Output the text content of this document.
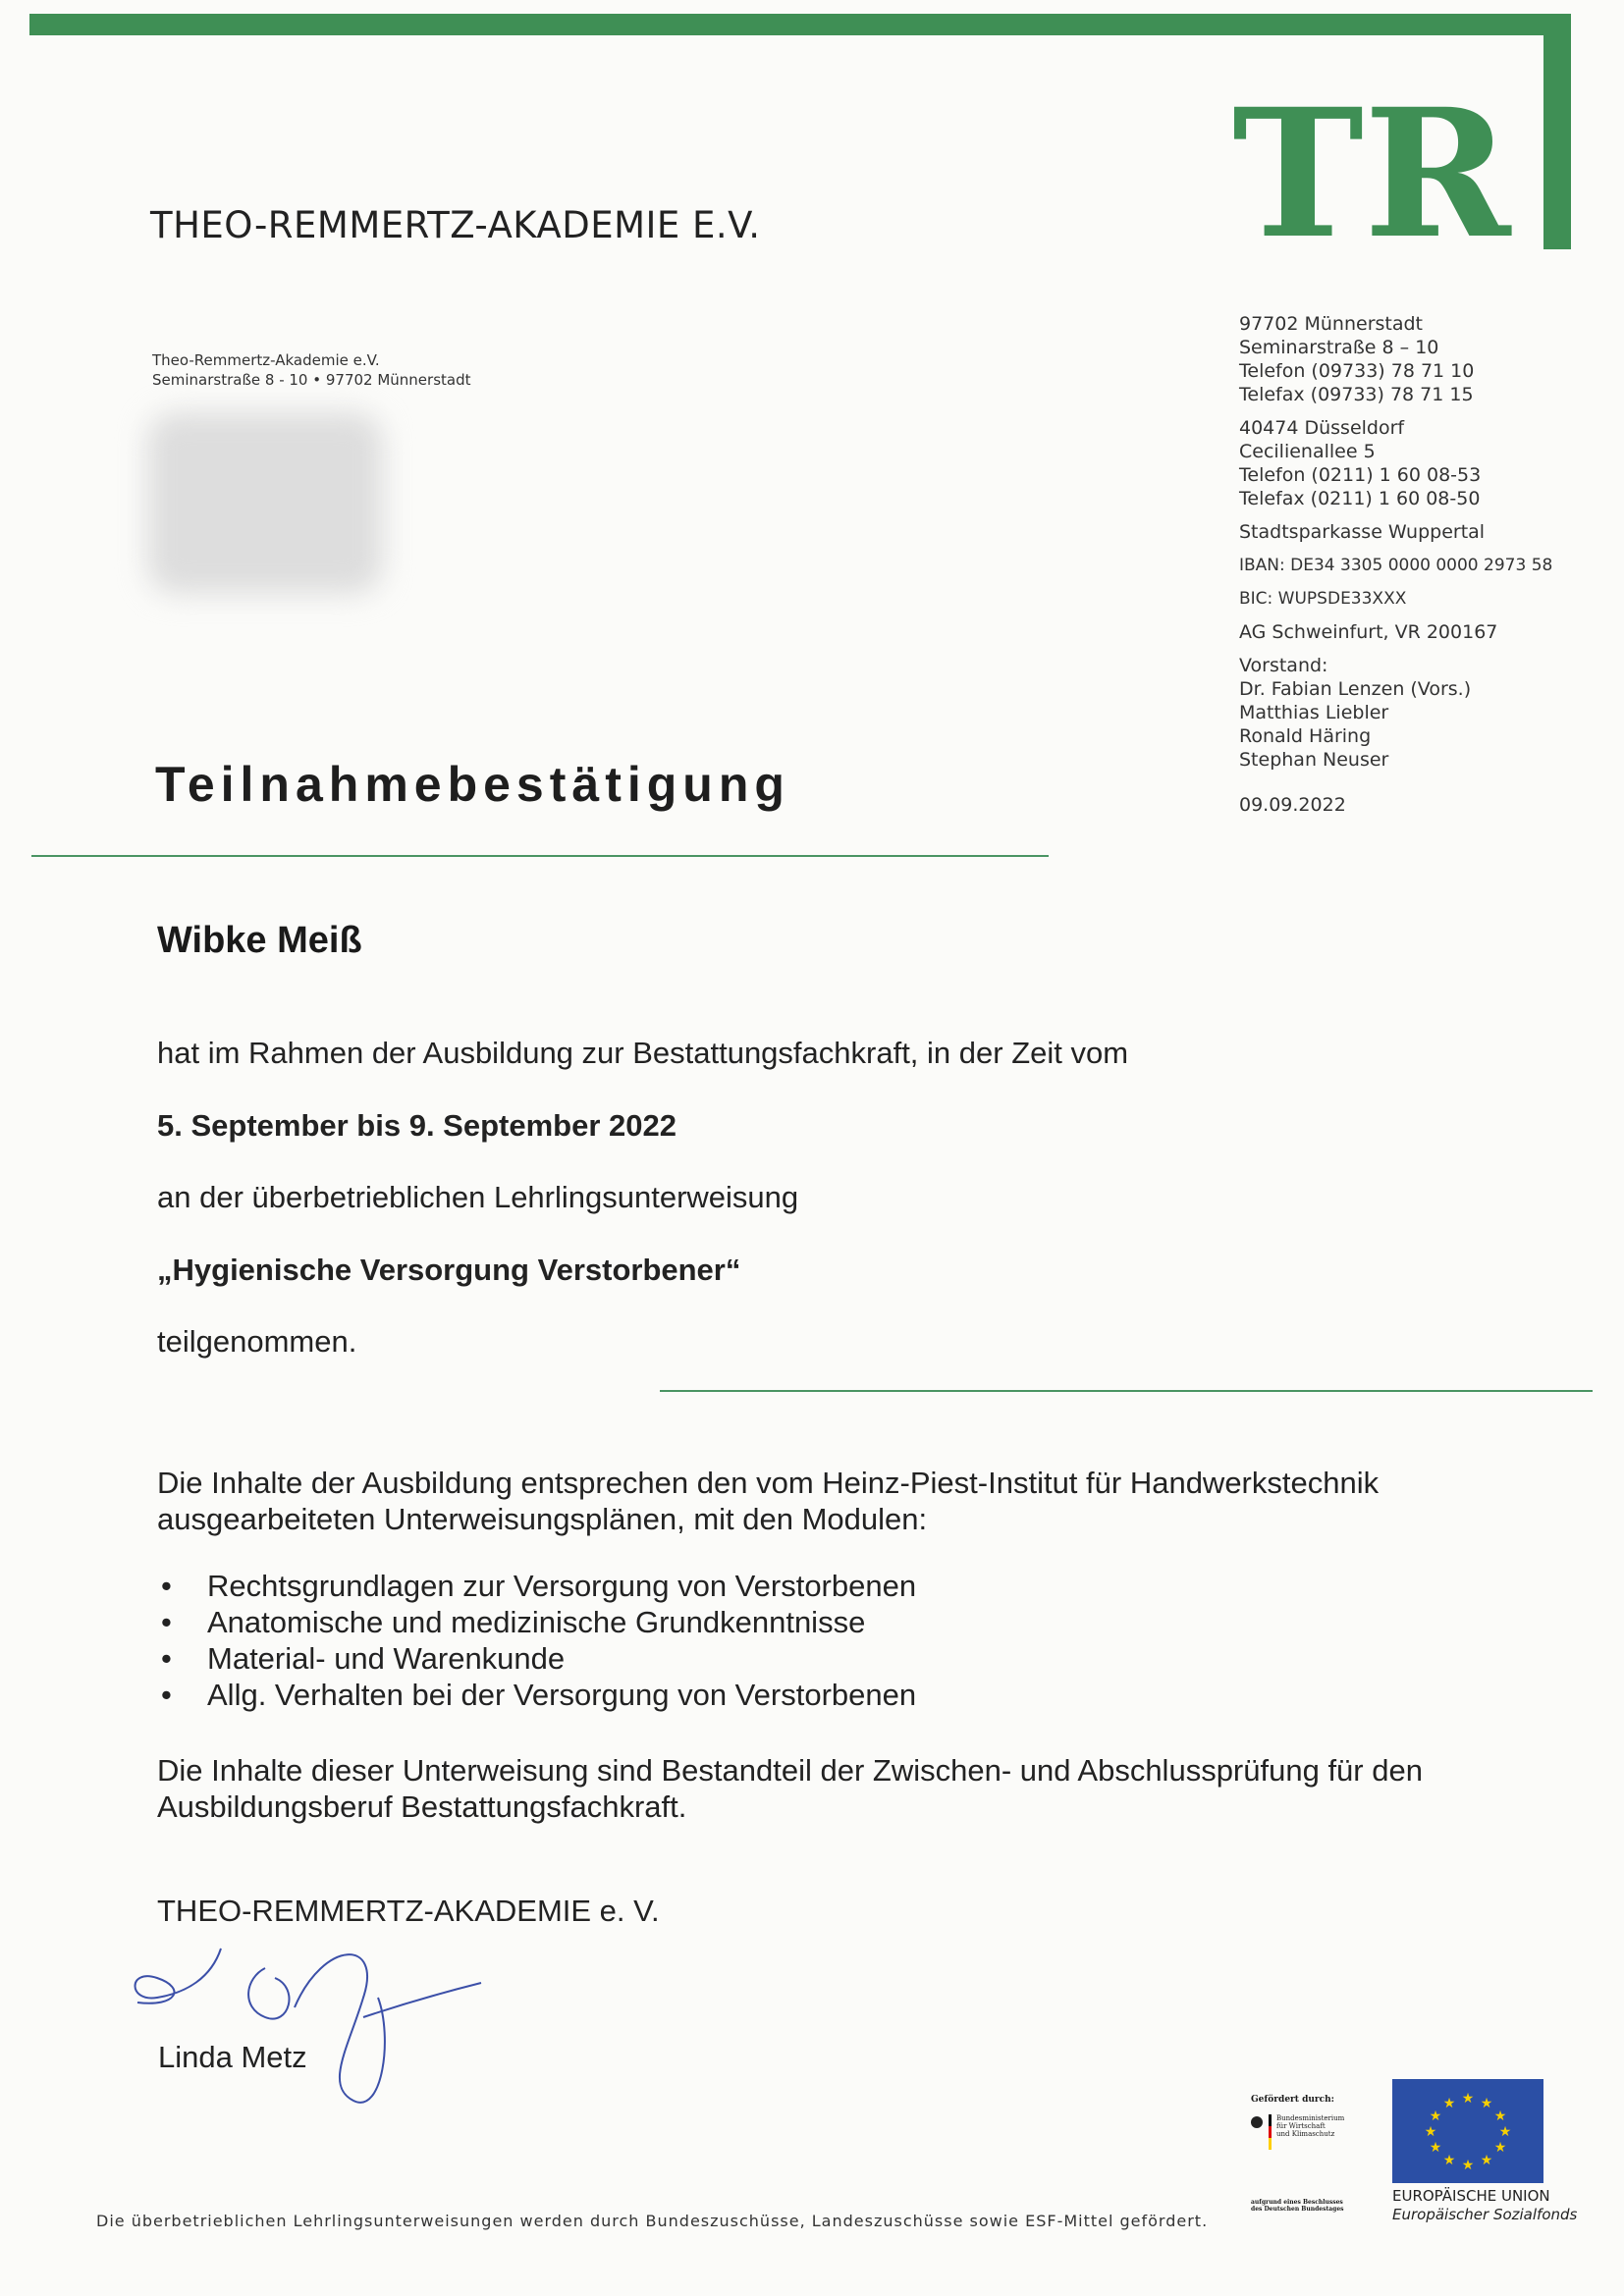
TR
THEO-REMMERTZ-AKADEMIE E.V.
Theo-Remmertz-Akademie e.V.
Seminarstraße 8 - 10 • 97702 Münnerstadt
97702 Münnerstadt
Seminarstraße 8 – 10
Telefon (09733) 78 71 10
Telefax (09733) 78 71 15
40474 Düsseldorf
Cecilienallee 5
Telefon (0211) 1 60 08-53
Telefax (0211) 1 60 08-50
Stadtsparkasse Wuppertal
IBAN: DE34 3305 0000 0000 2973 58
BIC: WUPSDE33XXX
AG Schweinfurt, VR 200167
Vorstand:
Dr. Fabian Lenzen (Vors.)
Matthias Liebler
Ronald Häring
Stephan Neuser
09.09.2022
Teilnahmebestätigung
Wibke Meiß
hat im Rahmen der Ausbildung zur Bestattungsfachkraft, in der Zeit vom
5. September bis 9. September 2022
an der überbetrieblichen Lehrlingsunterweisung
„Hygienische Versorgung Verstorbener“
teilgenommen.
Die Inhalte der Ausbildung entsprechen den vom Heinz-Piest-Institut für Handwerkstechnik
ausgearbeiteten Unterweisungsplänen, mit den Modulen:
• Rechtsgrundlagen zur Versorgung von Verstorbenen
• Anatomische und medizinische Grundkenntnisse
• Material- und Warenkunde
• Allg. Verhalten bei der Versorgung von Verstorbenen
Die Inhalte dieser Unterweisung sind Bestandteil der Zwischen- und Abschlussprüfung für den
Ausbildungsberuf Bestattungsfachkraft.
THEO-REMMERTZ-AKADEMIE e. V.
Linda Metz
Die überbetrieblichen Lehrlingsunterweisungen werden durch Bundeszuschüsse, Landeszuschüsse sowie ESF-Mittel gefördert.
Gefördert durch:
Bundesministerium
für Wirtschaft
und Klimaschutz
aufgrund eines Beschlusses
des Deutschen Bundestages
★ ★
★
★
★
★
★
★
★
★
★
★
EUROPÄISCHE UNION
Europäischer Sozialfonds
